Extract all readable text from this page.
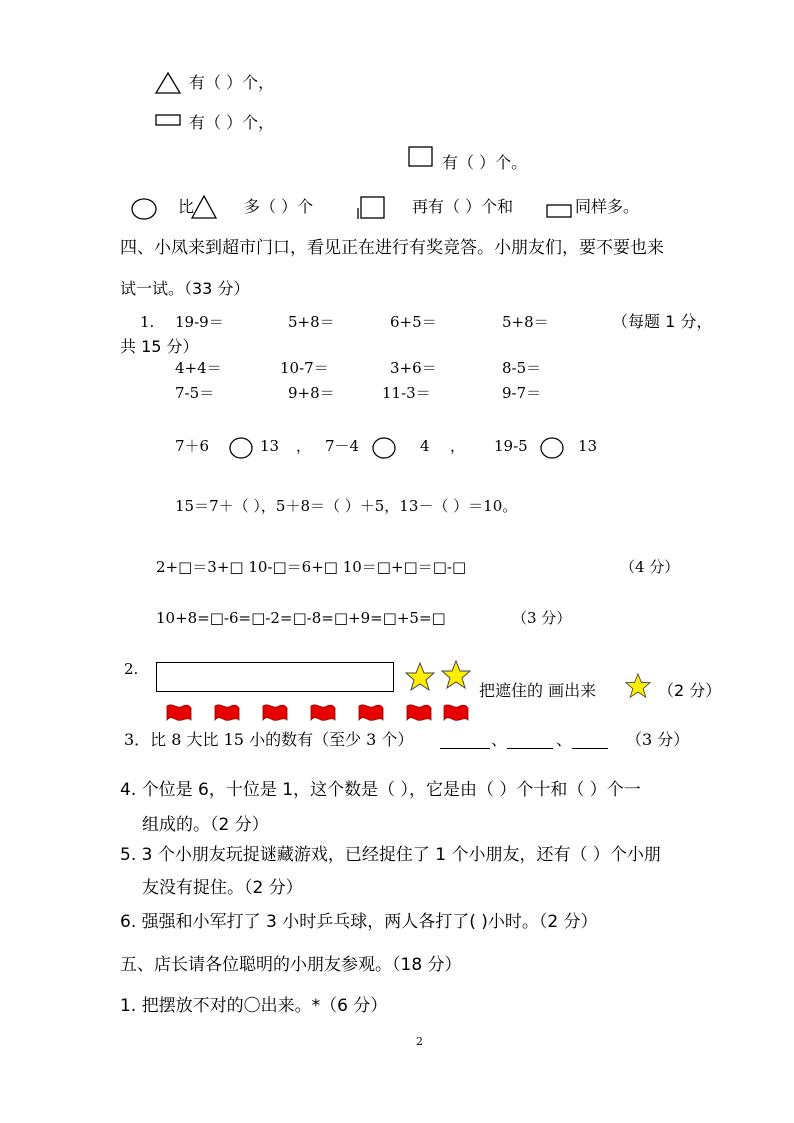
有（ ）个，
有（ ）个，
有（ ）个。
比	多（ ）个	再有（ ）个和	同样多。
四、小凤来到超市门口，看见正在进行有奖竞答。小朋友们，要不要也来
试一试。（33 分）
1. 19-9＝	5+8＝	6+5＝	5+8＝	（每题 1 分，
共 15 分）
4+4＝	10-7＝	3+6＝	8-5＝
7-5＝	9+8＝	11-3＝	9-7＝
7＋6	13 ， 7－4	4 ， 19-5	13
15＝7＋（ ），5＋8＝（ ）＋5，13－（ ）＝10。
2+□＝3+□ 10-□＝6+□ 10＝□+□＝□-□	（4 分）
10+8=□-6=□-2=□-8=□+9=□+5=□	（3 分）
2.
把遮住的 画出来	（2 分）
3．比 8 大比 15 小的数有（至少 3 个）	、	、	（3 分）
4. 个位是 6，十位是 1，这个数是（ ），它是由（ ）个十和（ ）个一
组成的。（2 分）
5. 3 个小朋友玩捉谜藏游戏，已经捉住了 1 个小朋友，还有（ ）个小朋
友没有捉住。（2 分）
6. 强强和小军打了 3 小时乒乓球，两人各打了( )小时。（2 分）
五、店长请各位聪明的小朋友参观。（18 分）
1. 把摆放不对的〇出来。*（6 分）
2
